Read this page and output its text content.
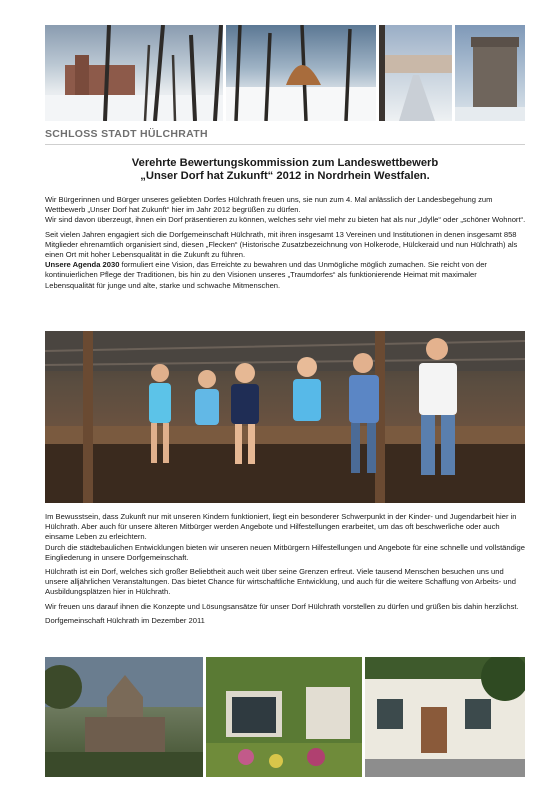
SCHLOSS STADT HÜLCHRATH
Verehrte Bewertungskommission zum Landeswettbewerb
„Unser Dorf hat Zukunft“ 2012 in Nordrhein Westfalen.

Wir Bürgerinnen und Bürger unseres geliebten Dorfes Hülchrath freuen uns, sie nun zum 4. Mal anlässlich der Landesbegehung zum Wettbewerb „Unser Dorf hat Zukunft“ hier im Jahr 2012 begrüßen zu dürfen.
Wir sind davon überzeugt, ihnen ein Dorf präsentieren zu können, welches sehr viel mehr zu bieten hat als nur „Idylle“ oder „schöner Wohnort“.

Seit vielen Jahren engagiert sich die Dorfgemeinschaft Hülchrath, mit ihren insgesamt 13 Vereinen und Institutionen in denen insgesamt 858 Mitglieder ehrenamtlich organisiert sind, diesen „Flecken“ (Historische Zusatzbezeichnung von Holkerode, Hülckeraid und nun Hülchrath) als einen Ort mit hoher Lebensqualität in die Zukunft zu führen.
Unsere Agenda 2030 formuliert eine Vision, das Erreichte zu bewahren und das Unmögliche möglich zumachen. Sie reicht von der kontinuierlichen Pflege der Traditionen, bis hin zu den Visionen unseres „Traumdorfes“ als funktionierende Heimat mit maximaler Lebensqualität für junge und alte, starke und schwache Mitmenschen.

Im Bewusstsein, dass Zukunft nur mit unseren Kindern funktioniert, liegt ein besonderer Schwerpunkt in der Kinder- und Jugendarbeit hier in Hülchrath. Aber auch für unsere älteren Mitbürger werden Angebote und Hilfestellungen erarbeitet, um das oft beschwerliche oder auch einsame Leben zu erleichtern.
Durch die städtebaulichen Entwicklungen bieten wir unseren neuen Mitbürgern Hilfestellungen und Angebote für eine schnelle und vollständige Eingliederung in unsere Dorfgemeinschaft.

Hülchrath ist ein Dorf, welches sich großer Beliebtheit auch weit über seine Grenzen erfreut. Viele tausend Menschen besuchen uns und unsere alljährlichen Veranstaltungen. Das bietet Chance für wirtschaftliche Entwicklung, und auch für die weitere Schaffung von Arbeits- und Ausbildungsplätzen hier in Hülchrath.

Wir freuen uns darauf ihnen die Konzepte und Lösungsansätze für unser Dorf Hülchrath vorstellen zu dürfen und grüßen bis dahin herzlichst.

Dorfgemeinschaft Hülchrath im Dezember 2011
